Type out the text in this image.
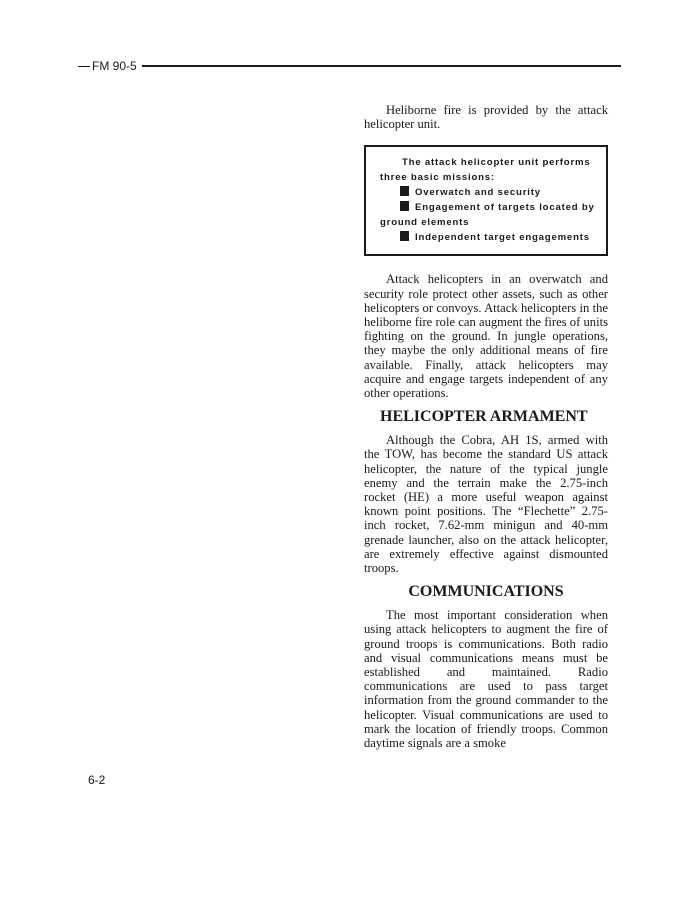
FM 90-5

Heliborne fire is provided by the attack helicopter unit.

The attack helicopter unit performs three basic missions:
Overwatch and security
Engagement of targets located by ground elements
Independent target engagements

Attack helicopters in an overwatch and security role protect other assets, such as other helicopters or convoys. Attack helicopters in the heliborne fire role can augment the fires of units fighting on the ground. In jungle operations, they maybe the only additional means of fire available. Finally, attack helicopters may acquire and engage targets independent of any other operations.

HELICOPTER ARMAMENT

Although the Cobra, AH 1S, armed with the TOW, has become the standard US attack helicopter, the nature of the typical jungle enemy and the terrain make the 2.75-inch rocket (HE) a more useful weapon against known point positions. The “Flechette” 2.75-inch rocket, 7.62-mm minigun and 40-mm grenade launcher, also on the attack helicopter, are extremely effective against dismounted troops.

COMMUNICATIONS

The most important consideration when using attack helicopters to augment the fire of ground troops is communications. Both radio and visual communications means must be established and maintained. Radio communications are used to pass target information from the ground commander to the helicopter. Visual communications are used to mark the location of friendly troops. Common daytime signals are a smoke

6-2
